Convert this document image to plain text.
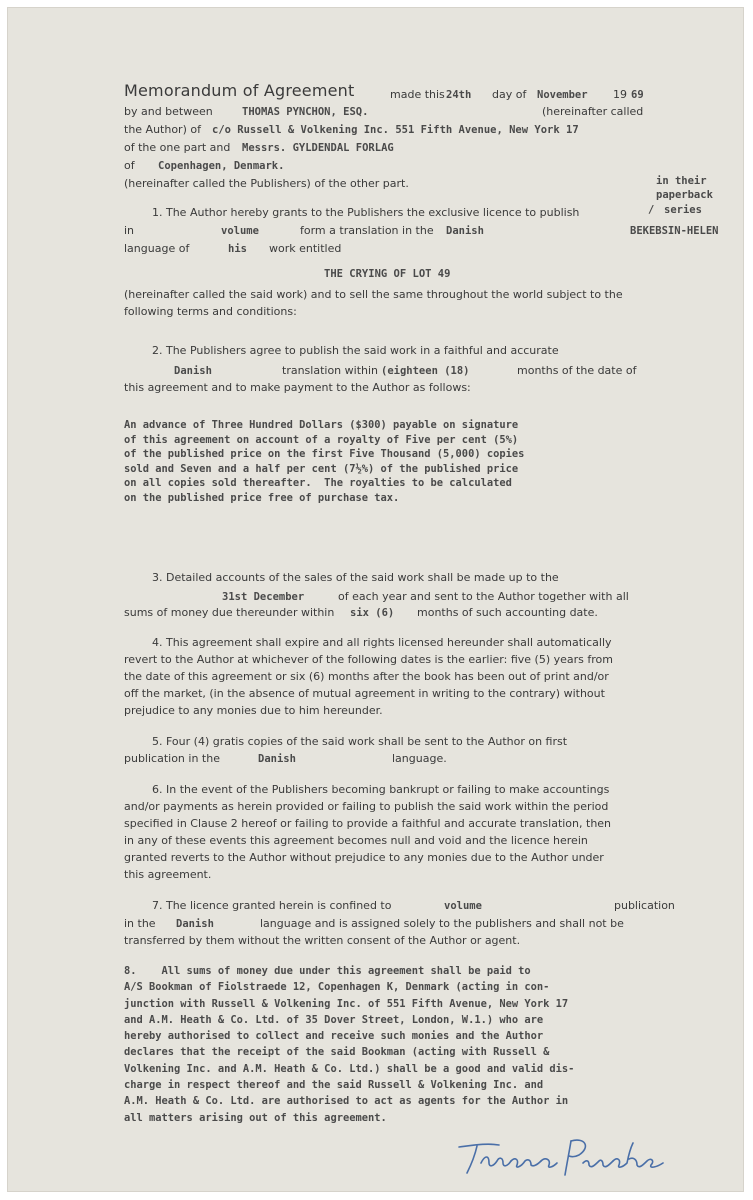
Memorandum of Agreement	made this 24th day of November 19 69
by and between	THOMAS PYNCHON, ESQ.	(hereinafter called
the Author) of c/o Russell & Volkening Inc. 551 Fifth Avenue, New York 17
of the one part and Messrs. GYLDENDAL FORLAG
of Copenhagen, Denmark.
(hereinafter called the Publishers) of the other part.	in their
paperback
1. The Author hereby grants to the Publishers the exclusive licence to publish	/ series
in	volume	form a translation in the Danish	BEKEBSIN-HELEN
language of	his work entitled
THE CRYING OF LOT 49
(hereinafter called the said work) and to sell the same throughout the world subject to the
following terms and conditions:
2. The Publishers agree to publish the said work in a faithful and accurate
Danish	translation within (eighteen (18)	months of the date of
this agreement and to make payment to the Author as follows:
An advance of Three Hundred Dollars ($300) payable on signature
of this agreement on account of a royalty of Five per cent (5%)
of the published price on the first Five Thousand (5,000) copies
sold and Seven and a half per cent (7½%) of the published price
on all copies sold thereafter.  The royalties to be calculated
on the published price free of purchase tax.
3. Detailed accounts of the sales of the said work shall be made up to the
31st December	of each year and sent to the Author together with all
sums of money due thereunder within six (6) months of such accounting date.
4. This agreement shall expire and all rights licensed hereunder shall automatically
revert to the Author at whichever of the following dates is the earlier: five (5) years from
the date of this agreement or six (6) months after the book has been out of print and/or
off the market, (in the absence of mutual agreement in writing to the contrary) without
prejudice to any monies due to him hereunder.
5. Four (4) gratis copies of the said work shall be sent to the Author on first
publication in the	Danish	language.
6. In the event of the Publishers becoming bankrupt or failing to make accountings
and/or payments as herein provided or failing to publish the said work within the period
specified in Clause 2 hereof or failing to provide a faithful and accurate translation, then
in any of these events this agreement becomes null and void and the licence herein
granted reverts to the Author without prejudice to any monies due to the Author under
this agreement.
7. The licence granted herein is confined to	volume	publication
in the Danish	language and is assigned solely to the publishers and shall not be
transferred by them without the written consent of the Author or agent.
8.    All sums of money due under this agreement shall be paid to
A/S Bookman of Fiolstraede 12, Copenhagen K, Denmark (acting in con-
junction with Russell & Volkening Inc. of 551 Fifth Avenue, New York 17
and A.M. Heath & Co. Ltd. of 35 Dover Street, London, W.1.) who are
hereby authorised to collect and receive such monies and the Author
declares that the receipt of the said Bookman (acting with Russell &
Volkening Inc. and A.M. Heath & Co. Ltd.) shall be a good and valid dis-
charge in respect thereof and the said Russell & Volkening Inc. and
A.M. Heath & Co. Ltd. are authorised to act as agents for the Author in
all matters arising out of this agreement.
